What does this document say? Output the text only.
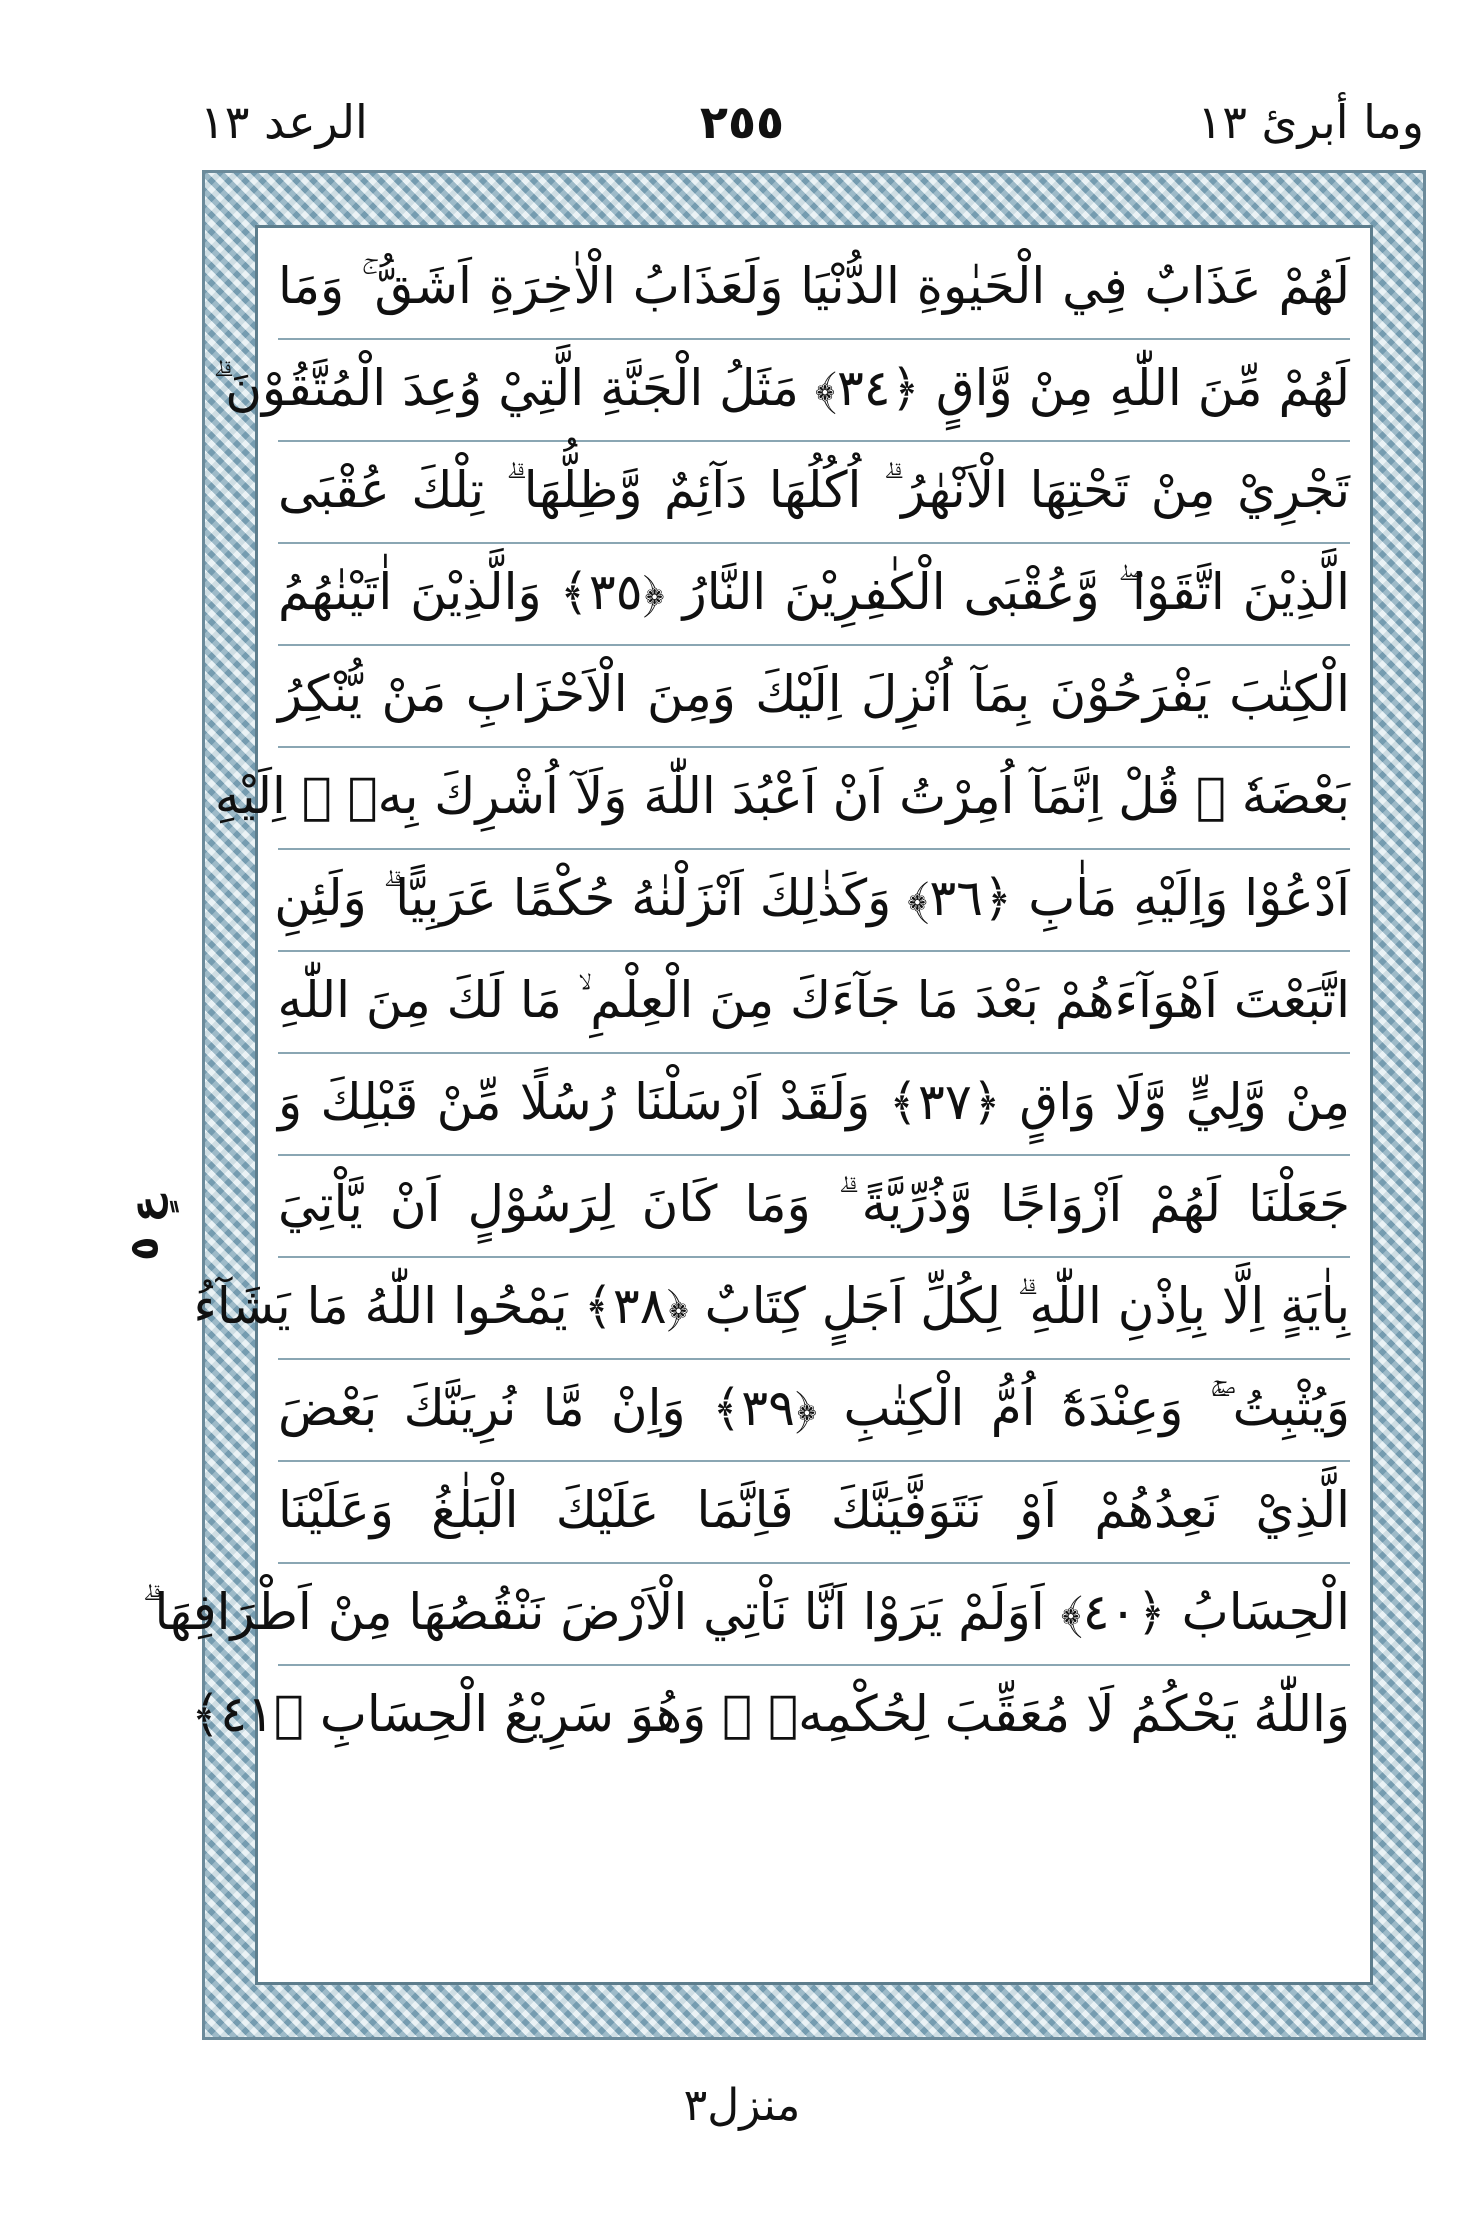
الرعد ١٣	٢٥٥	وما أبرئ ١٣
لَهُمْ عَذَابٌ فِي الْحَيٰوةِ الدُّنْيَا وَلَعَذَابُ الْاٰخِرَةِ اَشَقُّ ۚ وَمَا
لَهُمْ مِّنَ اللّٰهِ مِنْ وَّاقٍ ﴿٣٤﴾ مَثَلُ الْجَنَّةِ الَّتِيْ وُعِدَ الْمُتَّقُوْنَ ۗ
تَجْرِيْ مِنْ تَحْتِهَا الْاَنْهٰرُ ۗ اُكُلُهَا دَآئِمٌ وَّظِلُّهَا ۗ تِلْكَ عُقْبَى
الَّذِيْنَ اتَّقَوْا ۖ وَّعُقْبَى الْكٰفِرِيْنَ النَّارُ ﴿٣٥﴾ وَالَّذِيْنَ اٰتَيْنٰهُمُ
الْكِتٰبَ يَفْرَحُوْنَ بِمَآ اُنْزِلَ اِلَيْكَ وَمِنَ الْاَحْزَابِ مَنْ يُّنْكِرُ
بَعْضَهٗ ۗ قُلْ اِنَّمَآ اُمِرْتُ اَنْ اَعْبُدَ اللّٰهَ وَلَآ اُشْرِكَ بِهٖ ۗ اِلَيْهِ
اَدْعُوْا وَاِلَيْهِ مَاٰبِ ﴿٣٦﴾ وَكَذٰلِكَ اَنْزَلْنٰهُ حُكْمًا عَرَبِيًّا ۗ وَلَئِنِ
اتَّبَعْتَ اَهْوَآءَهُمْ بَعْدَ مَا جَآءَكَ مِنَ الْعِلْمِ ۙ مَا لَكَ مِنَ اللّٰهِ
مِنْ وَّلِيٍّ وَّلَا وَاقٍ ﴿٣٧﴾ وَلَقَدْ اَرْسَلْنَا رُسُلًا مِّنْ قَبْلِكَ وَ
جَعَلْنَا لَهُمْ اَزْوَاجًا وَّذُرِّيَّةً ۗ وَمَا كَانَ لِرَسُوْلٍ اَنْ يَّاْتِيَ
بِاٰيَةٍ اِلَّا بِاِذْنِ اللّٰهِ ۗ لِكُلِّ اَجَلٍ كِتَابٌ ﴿٣٨﴾ يَمْحُوا اللّٰهُ مَا يَشَآءُ
وَيُثْبِتُ ۖۚ وَعِنْدَهٗٓ اُمُّ الْكِتٰبِ ﴿٣٩﴾ وَاِنْ مَّا نُرِيَنَّكَ بَعْضَ
الَّذِيْ نَعِدُهُمْ اَوْ نَتَوَفَّيَنَّكَ فَاِنَّمَا عَلَيْكَ الْبَلٰغُ وَعَلَيْنَا
الْحِسَابُ ﴿٤٠﴾ اَوَلَمْ يَرَوْا اَنَّا نَاْتِي الْاَرْضَ نَنْقُصُهَا مِنْ اَطْرَافِهَا ۗ
وَاللّٰهُ يَحْكُمُ لَا مُعَقِّبَ لِحُكْمِهٖ ۗ وَهُوَ سَرِيْعُ الْحِسَابِ ﴿٤١﴾
عٍ ٥
منزل٣
